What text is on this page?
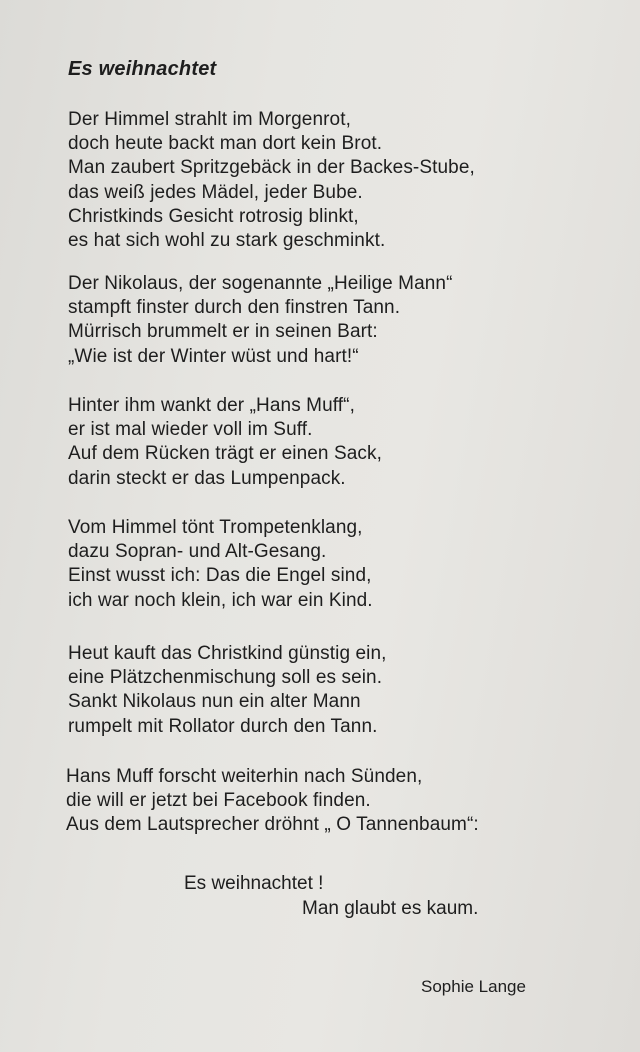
Es weihnachtet

Der Himmel strahlt im Morgenrot,
doch heute backt man dort kein Brot.
Man zaubert Spritzgebäck in der Backes-Stube,
das weiß jedes Mädel, jeder Bube.
Christkinds Gesicht rotrosig blinkt,
es hat sich wohl zu stark geschminkt.

Der Nikolaus, der sogenannte „Heilige Mann“
stampft finster durch den finstren Tann.
Mürrisch brummelt er in seinen Bart:
„Wie ist der Winter wüst und hart!“

Hinter ihm wankt der „Hans Muff“,
er ist mal wieder voll im Suff.
Auf dem Rücken trägt er einen Sack,
darin steckt er das Lumpenpack.

Vom Himmel tönt Trompetenklang,
dazu Sopran- und Alt-Gesang.
Einst wusst ich: Das die Engel sind,
ich war noch klein, ich war ein Kind.

Heut kauft das Christkind günstig ein,
eine Plätzchenmischung soll es sein.
Sankt Nikolaus nun ein alter Mann
rumpelt mit Rollator durch den Tann.

Hans Muff forscht weiterhin nach Sünden,
die will er jetzt bei Facebook finden.
Aus dem Lautsprecher dröhnt „ O Tannenbaum“:

Es weihnachtet !
Man glaubt es kaum.
Sophie Lange
